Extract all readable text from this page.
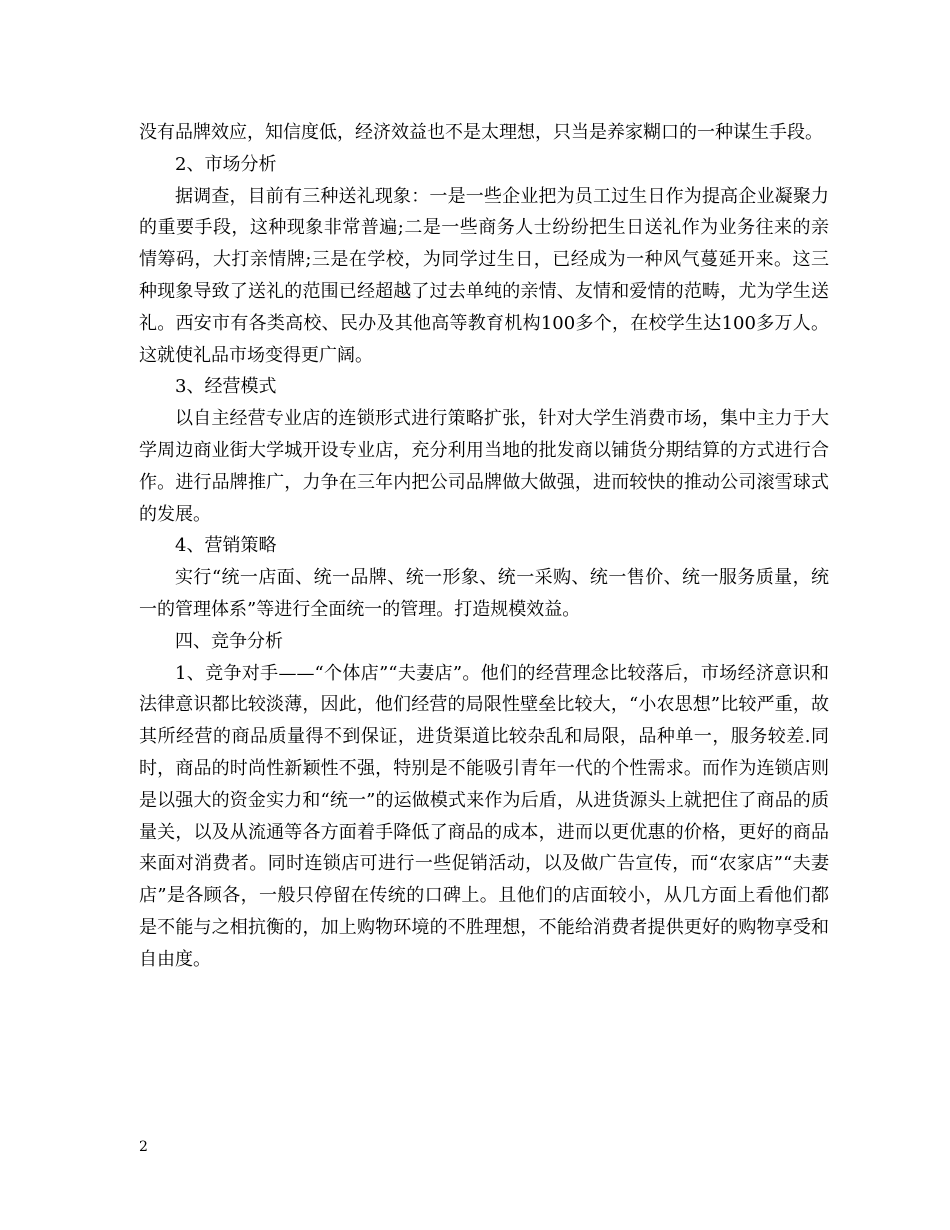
没有品牌效应，知信度低，经济效益也不是太理想，只当是养家糊口的一种谋生手段。

2、市场分析

据调查，目前有三种送礼现象：一是一些企业把为员工过生日作为提高企业凝聚力的重要手段，这种现象非常普遍;二是一些商务人士纷纷把生日送礼作为业务往来的亲情筹码，大打亲情牌;三是在学校，为同学过生日，已经成为一种风气蔓延开来。这三种现象导致了送礼的范围已经超越了过去单纯的亲情、友情和爱情的范畴，尤为学生送礼。西安市有各类高校、民办及其他高等教育机构100多个，在校学生达100多万人。这就使礼品市场变得更广阔。

3、经营模式

以自主经营专业店的连锁形式进行策略扩张，针对大学生消费市场，集中主力于大学周边商业街大学城开设专业店，充分利用当地的批发商以铺货分期结算的方式进行合作。进行品牌推广，力争在三年内把公司品牌做大做强，进而较快的推动公司滚雪球式的发展。

4、营销策略

实行“统一店面、统一品牌、统一形象、统一采购、统一售价、统一服务质量，统一的管理体系”等进行全面统一的管理。打造规模效益。

四、竞争分析

1、竞争对手——“个体店”“夫妻店”。他们的经营理念比较落后，市场经济意识和法律意识都比较淡薄，因此，他们经营的局限性壁垒比较大，“小农思想”比较严重，故其所经营的商品质量得不到保证，进货渠道比较杂乱和局限，品种单一，服务较差.同时，商品的时尚性新颖性不强，特别是不能吸引青年一代的个性需求。而作为连锁店则是以强大的资金实力和“统一”的运做模式来作为后盾，从进货源头上就把住了商品的质量关，以及从流通等各方面着手降低了商品的成本，进而以更优惠的价格，更好的商品来面对消费者。同时连锁店可进行一些促销活动，以及做广告宣传，而“农家店”“夫妻店”是各顾各，一般只停留在传统的口碑上。且他们的店面较小，从几方面上看他们都是不能与之相抗衡的，加上购物环境的不胜理想，不能给消费者提供更好的购物享受和自由度。

2
